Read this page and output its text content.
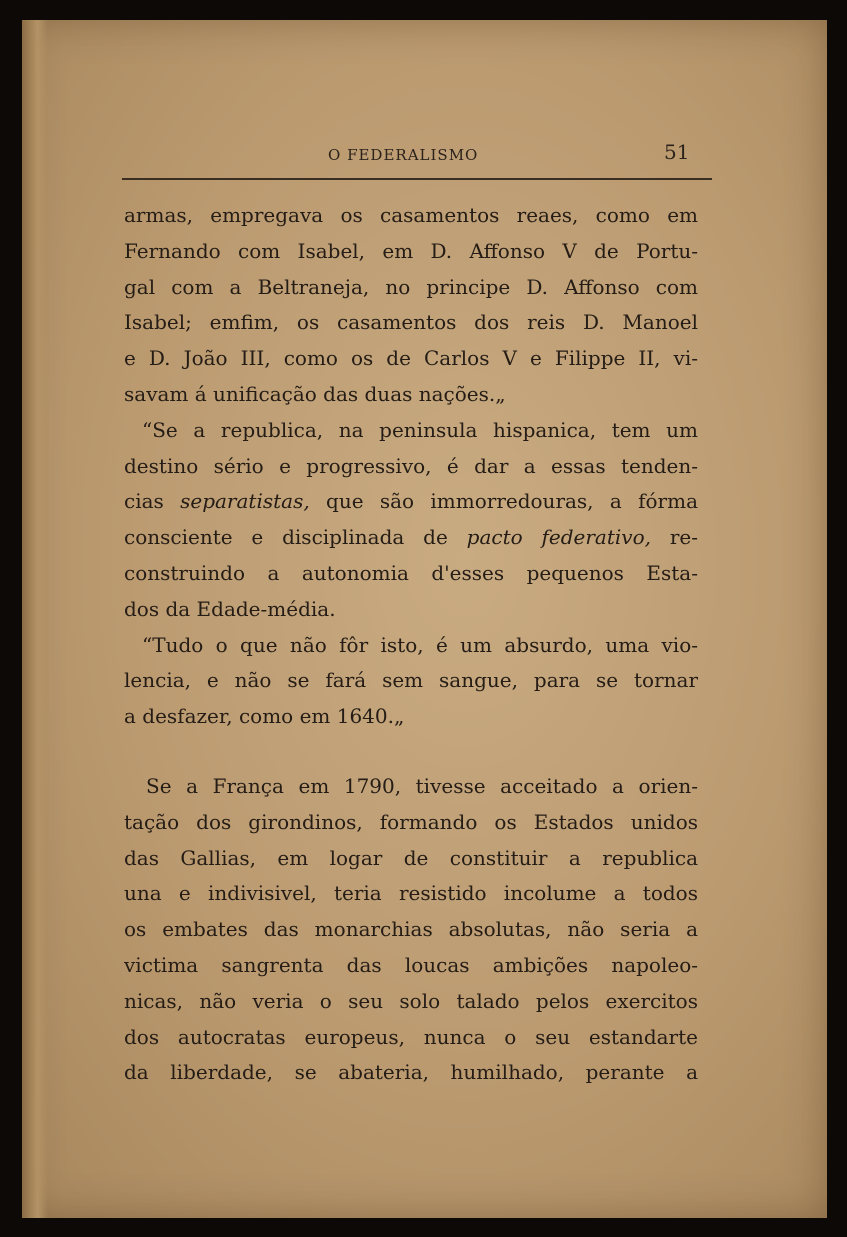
O FEDERALISMO	51
armas, empregava os casamentos reaes, como em
Fernando com Isabel, em D. Affonso V de Portu-
gal com a Beltraneja, no principe D. Affonso com
Isabel; emfim, os casamentos dos reis D. Manoel
e D. João III, como os de Carlos V e Filippe II, vi-
savam á unificação das duas nações.„
“Se a republica, na peninsula hispanica, tem um
destino sério e progressivo, é dar a essas tenden-
cias separatistas, que são immorredouras, a fórma
consciente e disciplinada de pacto federativo, re-
construindo a autonomia d'esses pequenos Esta-
dos da Edade-média.
“Tudo o que não fôr isto, é um absurdo, uma vio-
lencia, e não se fará sem sangue, para se tornar
a desfazer, como em 1640.„
Se a França em 1790, tivesse acceitado a orien-
tação dos girondinos, formando os Estados unidos
das Gallias, em logar de constituir a republica
una e indivisivel, teria resistido incolume a todos
os embates das monarchias absolutas, não seria a
victima sangrenta das loucas ambições napoleo-
nicas, não veria o seu solo talado pelos exercitos
dos autocratas europeus, nunca o seu estandarte
da liberdade, se abateria, humilhado, perante a
